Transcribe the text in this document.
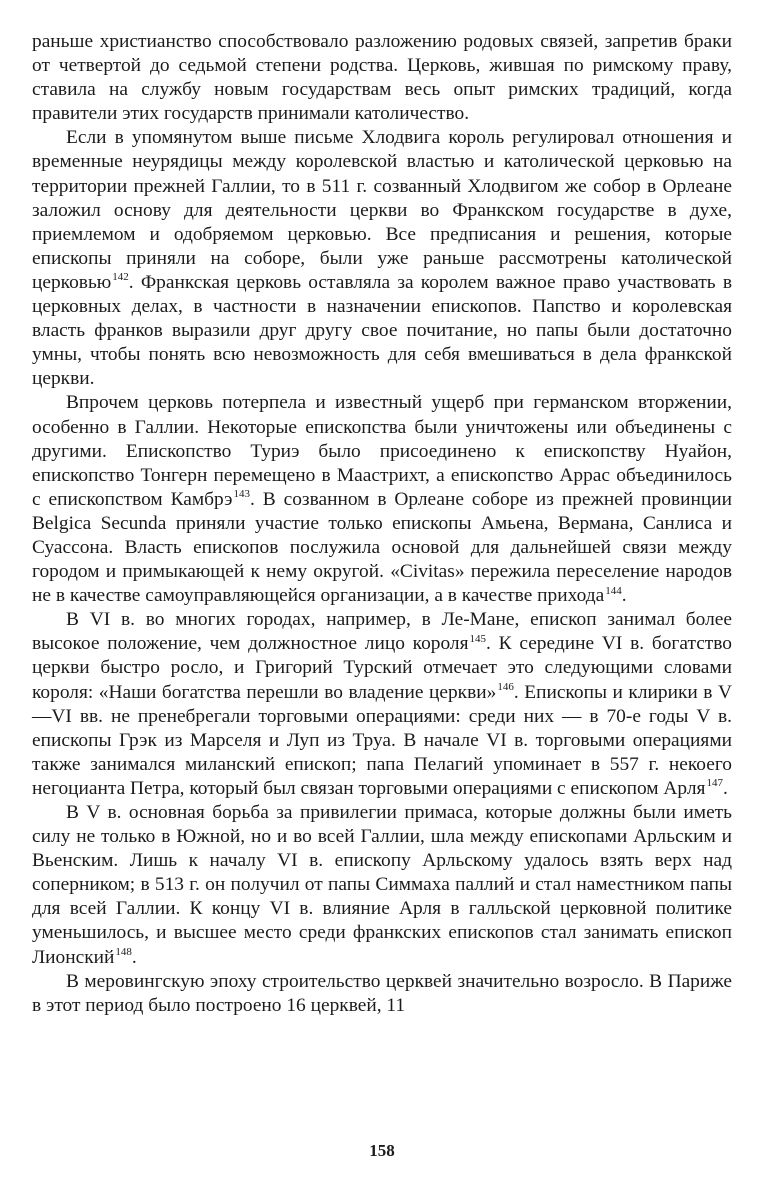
раньше христианство способствовало разложению родовых связей, запретив браки от четвертой до седьмой степени родства. Церковь, жившая по римскому праву, ставила на службу новым государствам весь опыт римских традиций, когда правители этих государств принимали католичество.

Если в упомянутом выше письме Хлодвига король регулировал отношения и временные неурядицы между королевской властью и католической церковью на территории прежней Галлии, то в 511 г. созванный Хлодвигом же собор в Орлеане заложил основу для деятельности церкви во Франкском государстве в духе, приемлемом и одобряемом церковью. Все предписания и решения, которые епископы приняли на соборе, были уже раньше рассмотрены католической церковью$^{142}$. Франкская церковь оставляла за королем важное право участвовать в церковных делах, в частности в назначении епископов. Папство и королевская власть франков выразили друг другу свое почитание, но папы были достаточно умны, чтобы понять всю невозможность для себя вмешиваться в дела франкской церкви.

Впрочем церковь потерпела и известный ущерб при германском вторжении, особенно в Галлии. Некоторые епископства были уничтожены или объединены с другими. Епископство Туриэ было присоединено к епископству Нуайон, епископство Тонгерн перемещено в Маастрихт, а епископство Аррас объединилось с епископством Камбрэ$^{143}$. В созванном в Орлеане соборе из прежней провинции Belgica Secunda приняли участие только епископы Амьена, Вермана, Санлиса и Суассона. Власть епископов послужила основой для дальнейшей связи между городом и примыкающей к нему округой. «Civitas» пережила переселение народов не в качестве самоуправляющейся организации, а в качестве прихода$^{144}$.

В VI в. во многих городах, например, в Ле-Мане, епископ занимал более высокое положение, чем должностное лицо короля$^{145}$. К середине VI в. богатство церкви быстро росло, и Григорий Турский отмечает это следующими словами короля: «Наши богатства перешли во владение церкви»$^{146}$. Епископы и клирики в V—VI вв. не пренебрегали торговыми операциями: среди них — в 70-е годы V в. епископы Грэк из Марселя и Луп из Труа. В начале VI в. торговыми операциями также занимался миланский епископ; папа Пелагий упоминает в 557 г. некоего негоцианта Петра, который был связан торговыми операциями с епископом Арля$^{147}$.

В V в. основная борьба за привилегии примаса, которые должны были иметь силу не только в Южной, но и во всей Галлии, шла между епископами Арльским и Вьенским. Лишь к началу VI в. епископу Арльскому удалось взять верх над соперником; в 513 г. он получил от папы Симмаха паллий и стал наместником папы для всей Галлии. К концу VI в. влияние Арля в галльской церковной политике уменьшилось, и высшее место среди франкских епископов стал занимать епископ Лионский$^{148}$.

В меровингскую эпоху строительство церквей значительно возросло. В Париже в этот период было построено 16 церквей, 11

158
